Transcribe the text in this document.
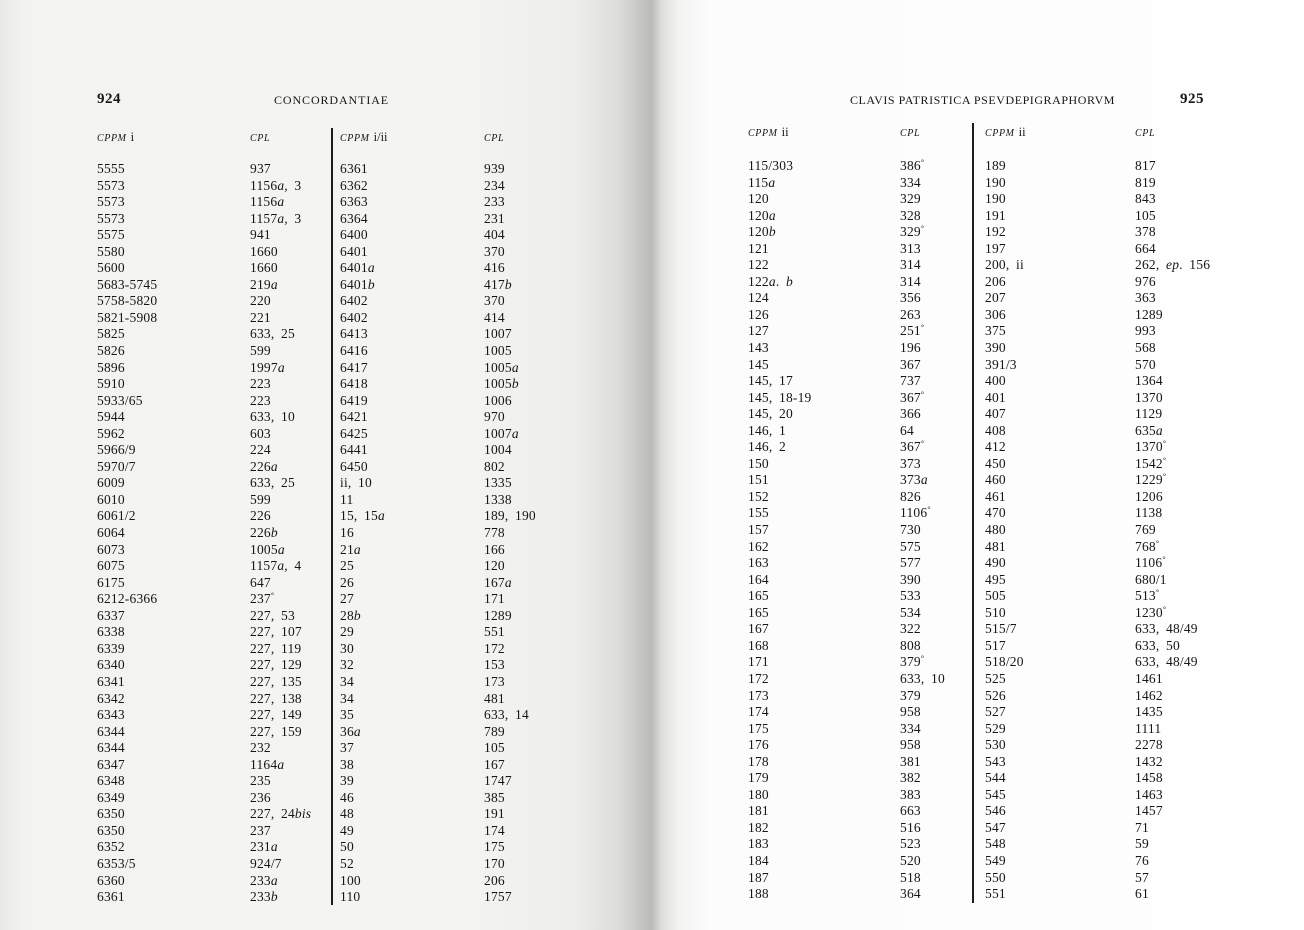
924	CONCORDANTIAE
CPPM i
5555
5573
5573
5573
5575
5580
5600
5683-5745
5758-5820
5821-5908
5825
5826
5896
5910
5933/65
5944
5962
5966/9
5970/7
6009
6010
6061/2
6064
6073
6075
6175
6212-6366
6337
6338
6339
6340
6341
6342
6343
6344
6344
6347
6348
6349
6350
6350
6352
6353/5
6360
6361
CPL
937
1156a, 3
1156a
1157a, 3
941
1660
1660
219a
220
221
633, 25
599
1997a
223
223
633, 10
603
224
226a
633, 25
599
226
226b
1005a
1157a, 4
647
237°
227, 53
227, 107
227, 119
227, 129
227, 135
227, 138
227, 149
227, 159
232
1164a
235
236
227, 24bis
237
231a
924/7
233a
233b
CPPM i/ii
6361
6362
6363
6364
6400
6401
6401a
6401b
6402
6402
6413
6416
6417
6418
6419
6421
6425
6441
6450
ii, 10
11
15, 15a
16
21a
25
26
27
28b
29
30
32
34
34
35
36a
37
38
39
46
48
49
50
52
100
110
CPL
939
234
233
231
404
370
416
417b
370
414
1007
1005
1005a
1005b
1006
970
1007a
1004
802
1335
1338
189, 190
778
166
120
167a
171
1289
551
172
153
173
481
633, 14
789
105
167
1747
385
191
174
175
170
206
1757
CLAVIS PATRISTICA PSEVDEPIGRAPHORVM	925
CPPM ii
115/303
115a
120
120a
120b
121
122
122a. b
124
126
127
143
145
145, 17
145, 18-19
145, 20
146, 1
146, 2
150
151
152
155
157
162
163
164
165
165
167
168
171
172
173
174
175
176
178
179
180
181
182
183
184
187
188
CPL
386°
334
329
328
329°
313
314
314
356
263
251°
196
367
737
367°
366
64
367°
373
373a
826
1106°
730
575
577
390
533
534
322
808
379°
633, 10
379
958
334
958
381
382
383
663
516
523
520
518
364
CPPM ii
189
190
190
191
192
197
200, ii
206
207
306
375
390
391/3
400
401
407
408
412
450
460
461
470
480
481
490
495
505
510
515/7
517
518/20
525
526
527
529
530
543
544
545
546
547
548
549
550
551
CPL
817
819
843
105
378
664
262, ep. 156
976
363
1289
993
568
570
1364
1370
1129
635a
1370°
1542°
1229°
1206
1138
769
768°
1106°
680/1
513°
1230°
633, 48/49
633, 50
633, 48/49
1461
1462
1435
1111
2278
1432
1458
1463
1457
71
59
76
57
61
